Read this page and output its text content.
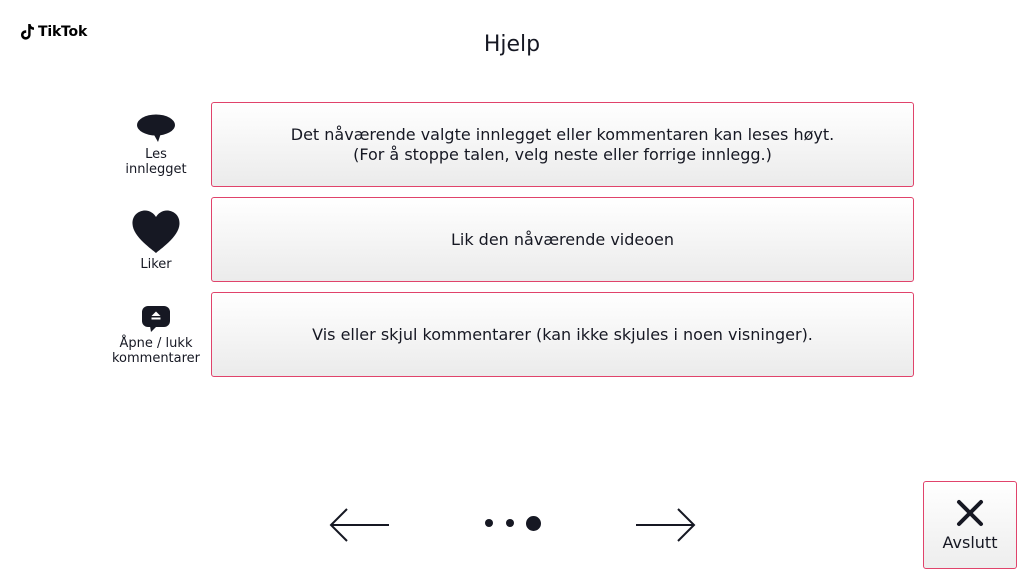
TikTok	Hjelp
Les
innlegget
Det nåværende valgte innlegget eller kommentaren kan leses høyt.
(For å stoppe talen, velg neste eller forrige innlegg.)
Liker
Lik den nåværende videoen
Åpne / lukk
kommentarer
Vis eller skjul kommentarer (kan ikke skjules i noen visninger).
Avslutt
